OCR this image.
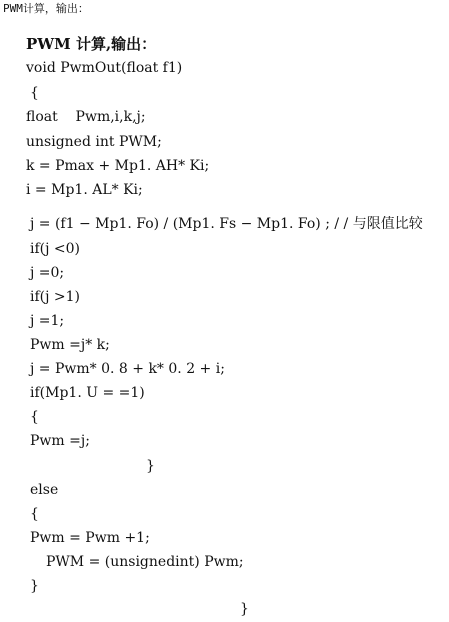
PWM计算，输出：
PWM 计算,输出：
void PwmOut(float f1)
{
float    Pwm,i,k,j;
unsigned int PWM;
k = Pmax + Mp1. AH* Ki;
i = Mp1. AL* Ki;
j = (f1 − Mp1. Fo) / (Mp1. Fs − Mp1. Fo) ; / / 与限值比较
if(j <0)
j =0;
if(j >1)
j =1;
Pwm =j* k;
j = Pwm* 0. 8 + k* 0. 2 + i;
if(Mp1. U = =1)
{
Pwm =j;
}
else
{
Pwm = Pwm +1;
PWM = (unsignedint) Pwm;
}
}
